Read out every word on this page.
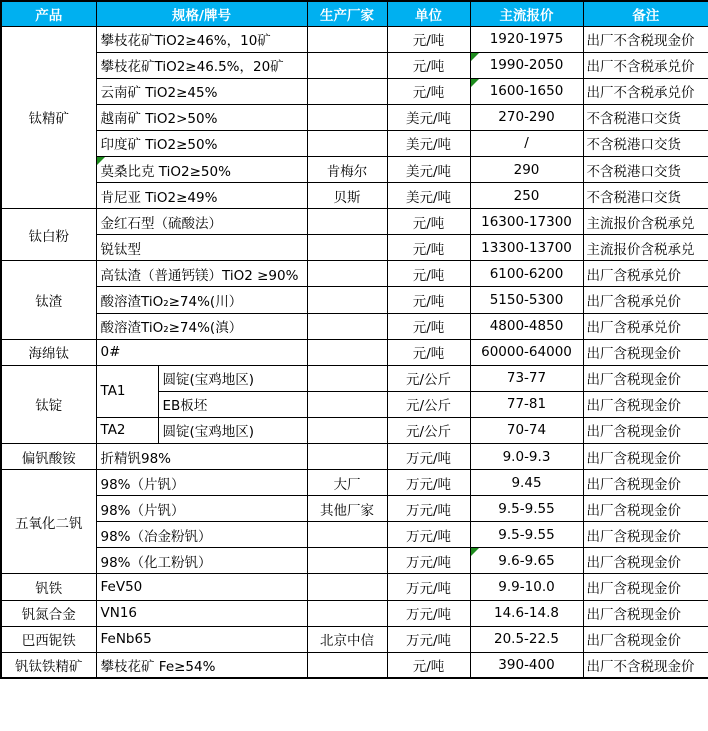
产品	规格/牌号		生产厂家	单位	主流报价	备注
钛精矿	攀枝花矿TiO2≥46%，10矿			元/吨	1920-1975	出厂不含税现金价
	攀枝花矿TiO2≥46.5%，20矿			元/吨	1990-2050	出厂不含税承兑价
	云南矿 TiO2≥45%			元/吨	1600-1650	出厂不含税承兑价
	越南矿 TiO2>50%			美元/吨	270-290	不含税港口交货
	印度矿 TiO2≥50%			美元/吨	/	不含税港口交货
	莫桑比克 TiO2≥50%		肯梅尔	美元/吨	290	不含税港口交货
	肯尼亚 TiO2≥49%		贝斯	美元/吨	250	不含税港口交货
钛白粉	金红石型（硫酸法）			元/吨	16300-17300	主流报价含税承兑
	锐钛型			元/吨	13300-13700	主流报价含税承兑
钛渣	高钛渣（普通钙镁）TiO2 ≥90%			元/吨	6100-6200	出厂含税承兑价
	酸溶渣TiO₂≥74%(川）			元/吨	5150-5300	出厂含税承兑价
	酸溶渣TiO₂≥74%(滇）			元/吨	4800-4850	出厂含税承兑价
海绵钛	0#			元/吨	60000-64000	出厂含税现金价
钛锭	TA1	圆锭(宝鸡地区)		元/公斤	73-77	出厂含税现金价
		EB板坯		元/公斤	77-81	出厂含税现金价
	TA2	圆锭(宝鸡地区)		元/公斤	70-74	出厂含税现金价
偏钒酸铵	折精钒98%			万元/吨	9.0-9.3	出厂含税现金价
五氧化二钒	98%（片钒）		大厂	万元/吨	9.45	出厂含税现金价
	98%（片钒）		其他厂家	万元/吨	9.5-9.55	出厂含税现金价
	98%（冶金粉钒）			万元/吨	9.5-9.55	出厂含税现金价
	98%（化工粉钒）			万元/吨	9.6-9.65	出厂含税现金价
钒铁	FeV50			万元/吨	9.9-10.0	出厂含税现金价
钒氮合金	VN16			万元/吨	14.6-14.8	出厂含税现金价
巴西铌铁	FeNb65		北京中信	万元/吨	20.5-22.5	出厂含税现金价
钒钛铁精矿	攀枝花矿 Fe≥54%			元/吨	390-400	出厂不含税现金价
